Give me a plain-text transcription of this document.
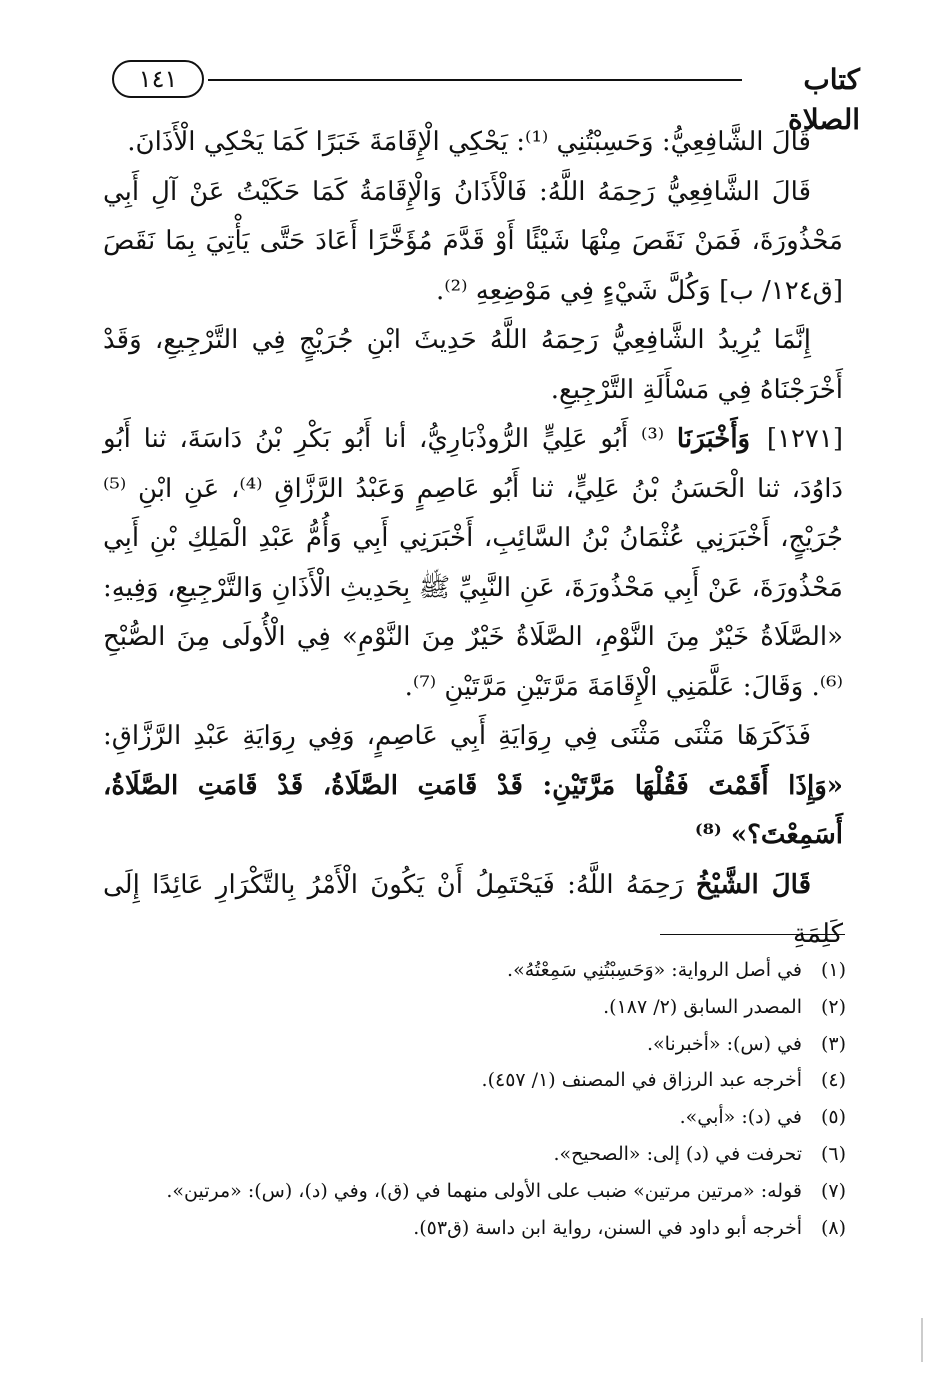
١٤١	كتاب الصلاة

قَالَ الشَّافِعِيُّ: وَحَسِبْتُنِي ⁽¹⁾: يَحْكِي الْإِقَامَةَ خَبَرًا كَمَا يَحْكِي الْأَذَانَ.

قَالَ الشَّافِعِيُّ رَحِمَهُ اللَّهُ: فَالْأَذَانُ وَالْإِقَامَةُ كَمَا حَكَيْتُ عَنْ آلِ أَبِي مَحْذُورَةَ، فَمَنْ نَقَصَ مِنْهَا شَيْئًا أَوْ قَدَّمَ مُؤَخَّرًا أَعَادَ حَتَّى يَأْتِيَ بِمَا نَقَصَ [ق١٢٤/ ب] وَكُلَّ شَيْءٍ فِي مَوْضِعِهِ ⁽²⁾.

إِنَّمَا يُرِيدُ الشَّافِعِيُّ رَحِمَهُ اللَّهُ حَدِيثَ ابْنِ جُرَيْجٍ فِي التَّرْجِيعِ، وَقَدْ أَخْرَجْنَاهُ فِي مَسْأَلَةِ التَّرْجِيعِ.

[١٢٧١] وَأَخْبَرَنَا ⁽³⁾ أَبُو عَلِيٍّ الرُّوذْبَارِيُّ، أنا أَبُو بَكْرِ بْنُ دَاسَةَ، ثنا أَبُو دَاوُدَ، ثنا الْحَسَنُ بْنُ عَلِيٍّ، ثنا أَبُو عَاصِمٍ وَعَبْدُ الرَّزَّاقِ ⁽⁴⁾، عَنِ ابْنِ ⁽⁵⁾ جُرَيْجٍ، أَخْبَرَنِي عُثْمَانُ بْنُ السَّائِبِ، أَخْبَرَنِي أَبِي وَأُمُّ عَبْدِ الْمَلِكِ بْنِ أَبِي مَحْذُورَةَ، عَنْ أَبِي مَحْذُورَةَ، عَنِ النَّبِيِّ ﷺ بِحَدِيثِ الْأَذَانِ وَالتَّرْجِيعِ، وَفِيهِ: «الصَّلَاةُ خَيْرٌ مِنَ النَّوْمِ، الصَّلَاةُ خَيْرٌ مِنَ النَّوْمِ» فِي الْأُولَى مِنَ الصُّبْحِ ⁽⁶⁾. وَقَالَ: عَلَّمَنِي الْإِقَامَةَ مَرَّتَيْنِ مَرَّتَيْنِ ⁽⁷⁾.

فَذَكَرَهَا مَثْنَى مَثْنَى فِي رِوَايَةِ أَبِي عَاصِمٍ، وَفِي رِوَايَةِ عَبْدِ الرَّزَّاقِ: «وَإِذَا أَقَمْتَ فَقُلْهَا مَرَّتَيْنِ: قَدْ قَامَتِ الصَّلَاةُ، قَدْ قَامَتِ الصَّلَاةُ، أَسَمِعْتَ؟» ⁽⁸⁾

قَالَ الشَّيْخُ رَحِمَهُ اللَّهُ: فَيَحْتَمِلُ أَنْ يَكُونَ الْأَمْرُ بِالتَّكْرَارِ عَائِدًا إِلَى كَلِمَةِ

(١)
في أصل الرواية: «وَحَسِبْتُنِي سَمِعْتُهُ».
(٢)
المصدر السابق (٢/ ١٨٧).
(٣)
في (س): «أخبرنا».
(٤)
أخرجه عبد الرزاق في المصنف (١/ ٤٥٧).
(٥)
في (د): «أبي».
(٦)
تحرفت في (د) إلى: «الصحيح».
(٧)
قوله: «مرتين مرتين» ضبب على الأولى منهما في (ق)، وفي (د)، (س): «مرتين».
(٨)
أخرجه أبو داود في السنن، رواية ابن داسة (ق٥٣).
